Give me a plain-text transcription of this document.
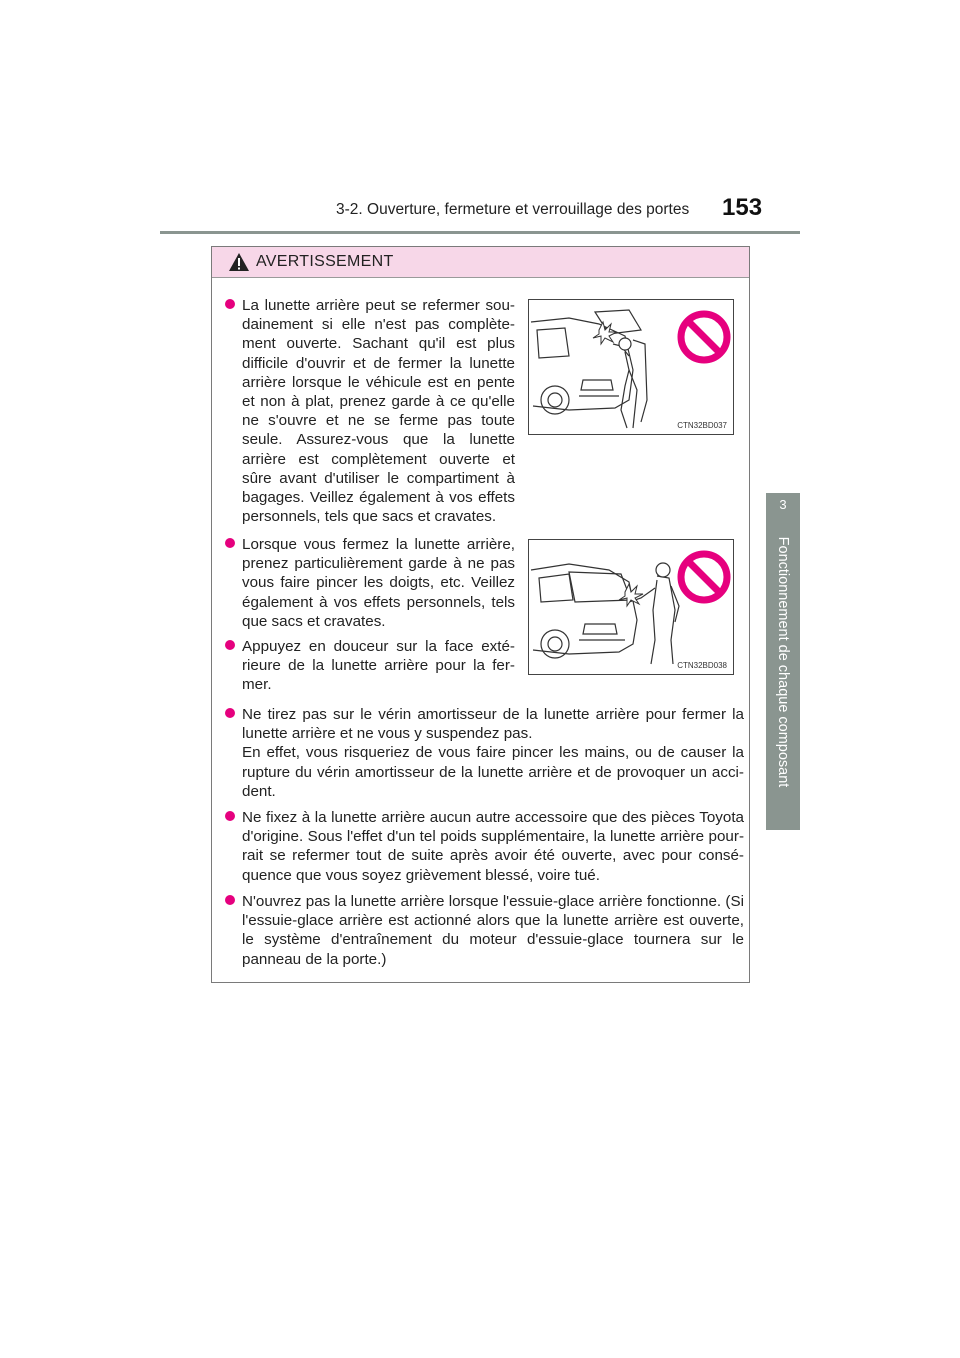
3-2. Ouverture, fermeture et verrouillage des portes 153
3
Fonctionnement de chaque composant
AVERTISSEMENT

La lunette arrière peut se refermer sou-dainement si elle n'est pas complète-ment ouverte. Sachant qu'il est plus difficile d'ouvrir et de fermer la lunette arrière lorsque le véhicule est en pente et non à plat, prenez garde à ce qu'elle ne s'ouvre et ne se ferme pas toute seule. Assurez-vous que la lunette arrière est complètement ouverte et sûre avant d'utiliser le compartiment à bagages. Veillez également à vos effets personnels, tels que sacs et cravates.

CTN32BD037

Lorsque vous fermez la lunette arrière, prenez particulièrement garde à ne pas vous faire pincer les doigts, etc. Veillez également à vos effets personnels, tels que sacs et cravates.

Appuyez en douceur sur la face exté-rieure de la lunette arrière pour la fer-mer.

CTN32BD038

Ne tirez pas sur le vérin amortisseur de la lunette arrière pour fermer la lunette arrière et ne vous y suspendez pas.

En effet, vous risqueriez de vous faire pincer les mains, ou de causer la rupture du vérin amortisseur de la lunette arrière et de provoquer un acci-dent.

Ne fixez à la lunette arrière aucun autre accessoire que des pièces Toyota d'origine. Sous l'effet d'un tel poids supplémentaire, la lunette arrière pour-rait se refermer tout de suite après avoir été ouverte, avec pour consé-quence que vous soyez grièvement blessé, voire tué.

N'ouvrez pas la lunette arrière lorsque l'essuie-glace arrière fonctionne. (Si l'essuie-glace arrière est actionné alors que la lunette arrière est ouverte, le système d'entraînement du moteur d'essuie-glace tournera sur le panneau de la porte.)
